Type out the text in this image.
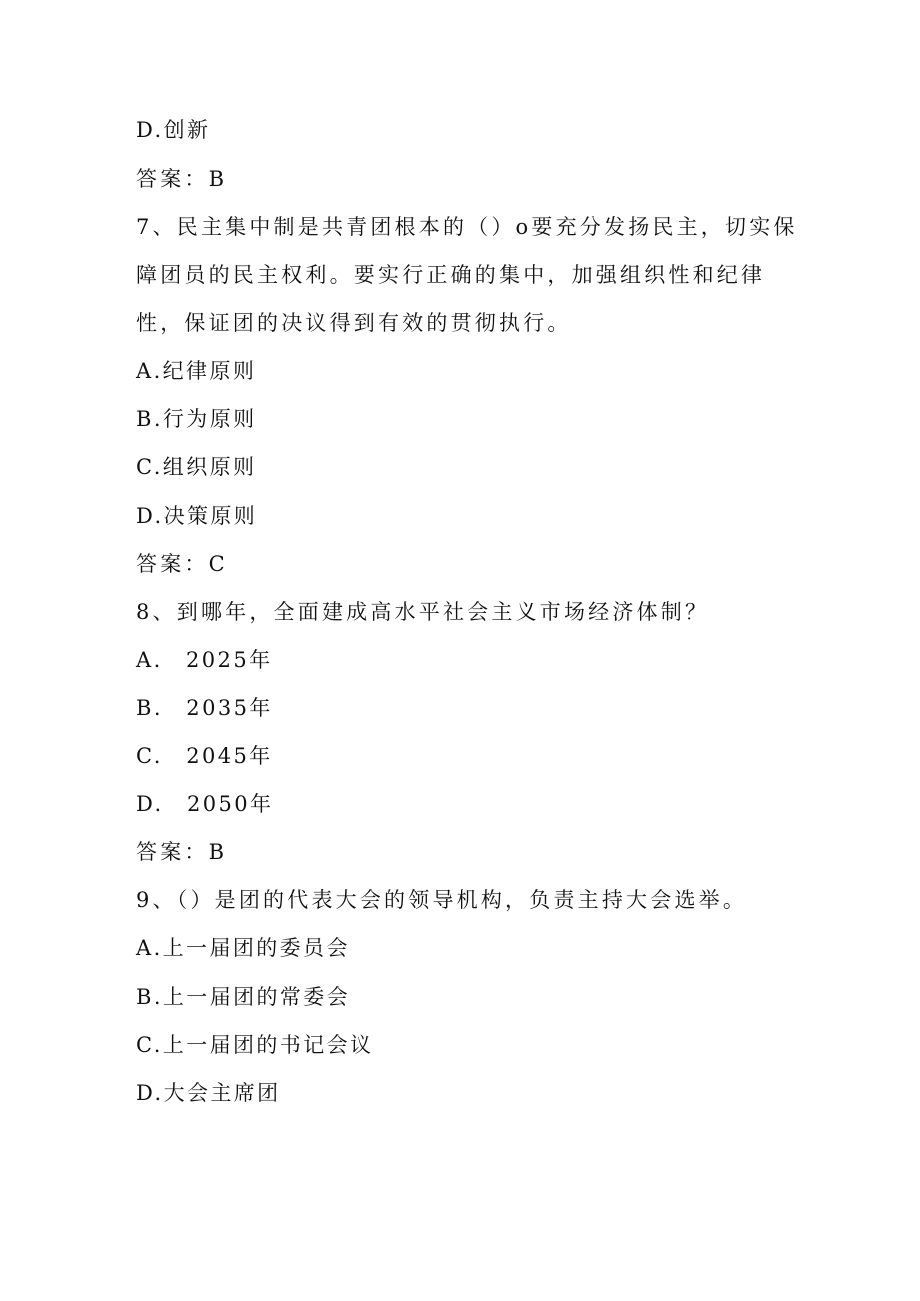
D.创新
答案：B
7、民主集中制是共青团根本的（）o要充分发扬民主，切实保
障团员的民主权利。要实行正确的集中，加强组织性和纪律
性，保证团的决议得到有效的贯彻执行。
A.纪律原则
B.行为原则
C.组织原则
D.决策原则
答案：C
8、到哪年，全面建成高水平社会主义市场经济体制？
A.　2025年
B.　2035年
C.　2045年
D.　2050年
答案：B
9、（）是团的代表大会的领导机构，负责主持大会选举。
A.上一届团的委员会
B.上一届团的常委会
C.上一届团的书记会议
D.大会主席团
